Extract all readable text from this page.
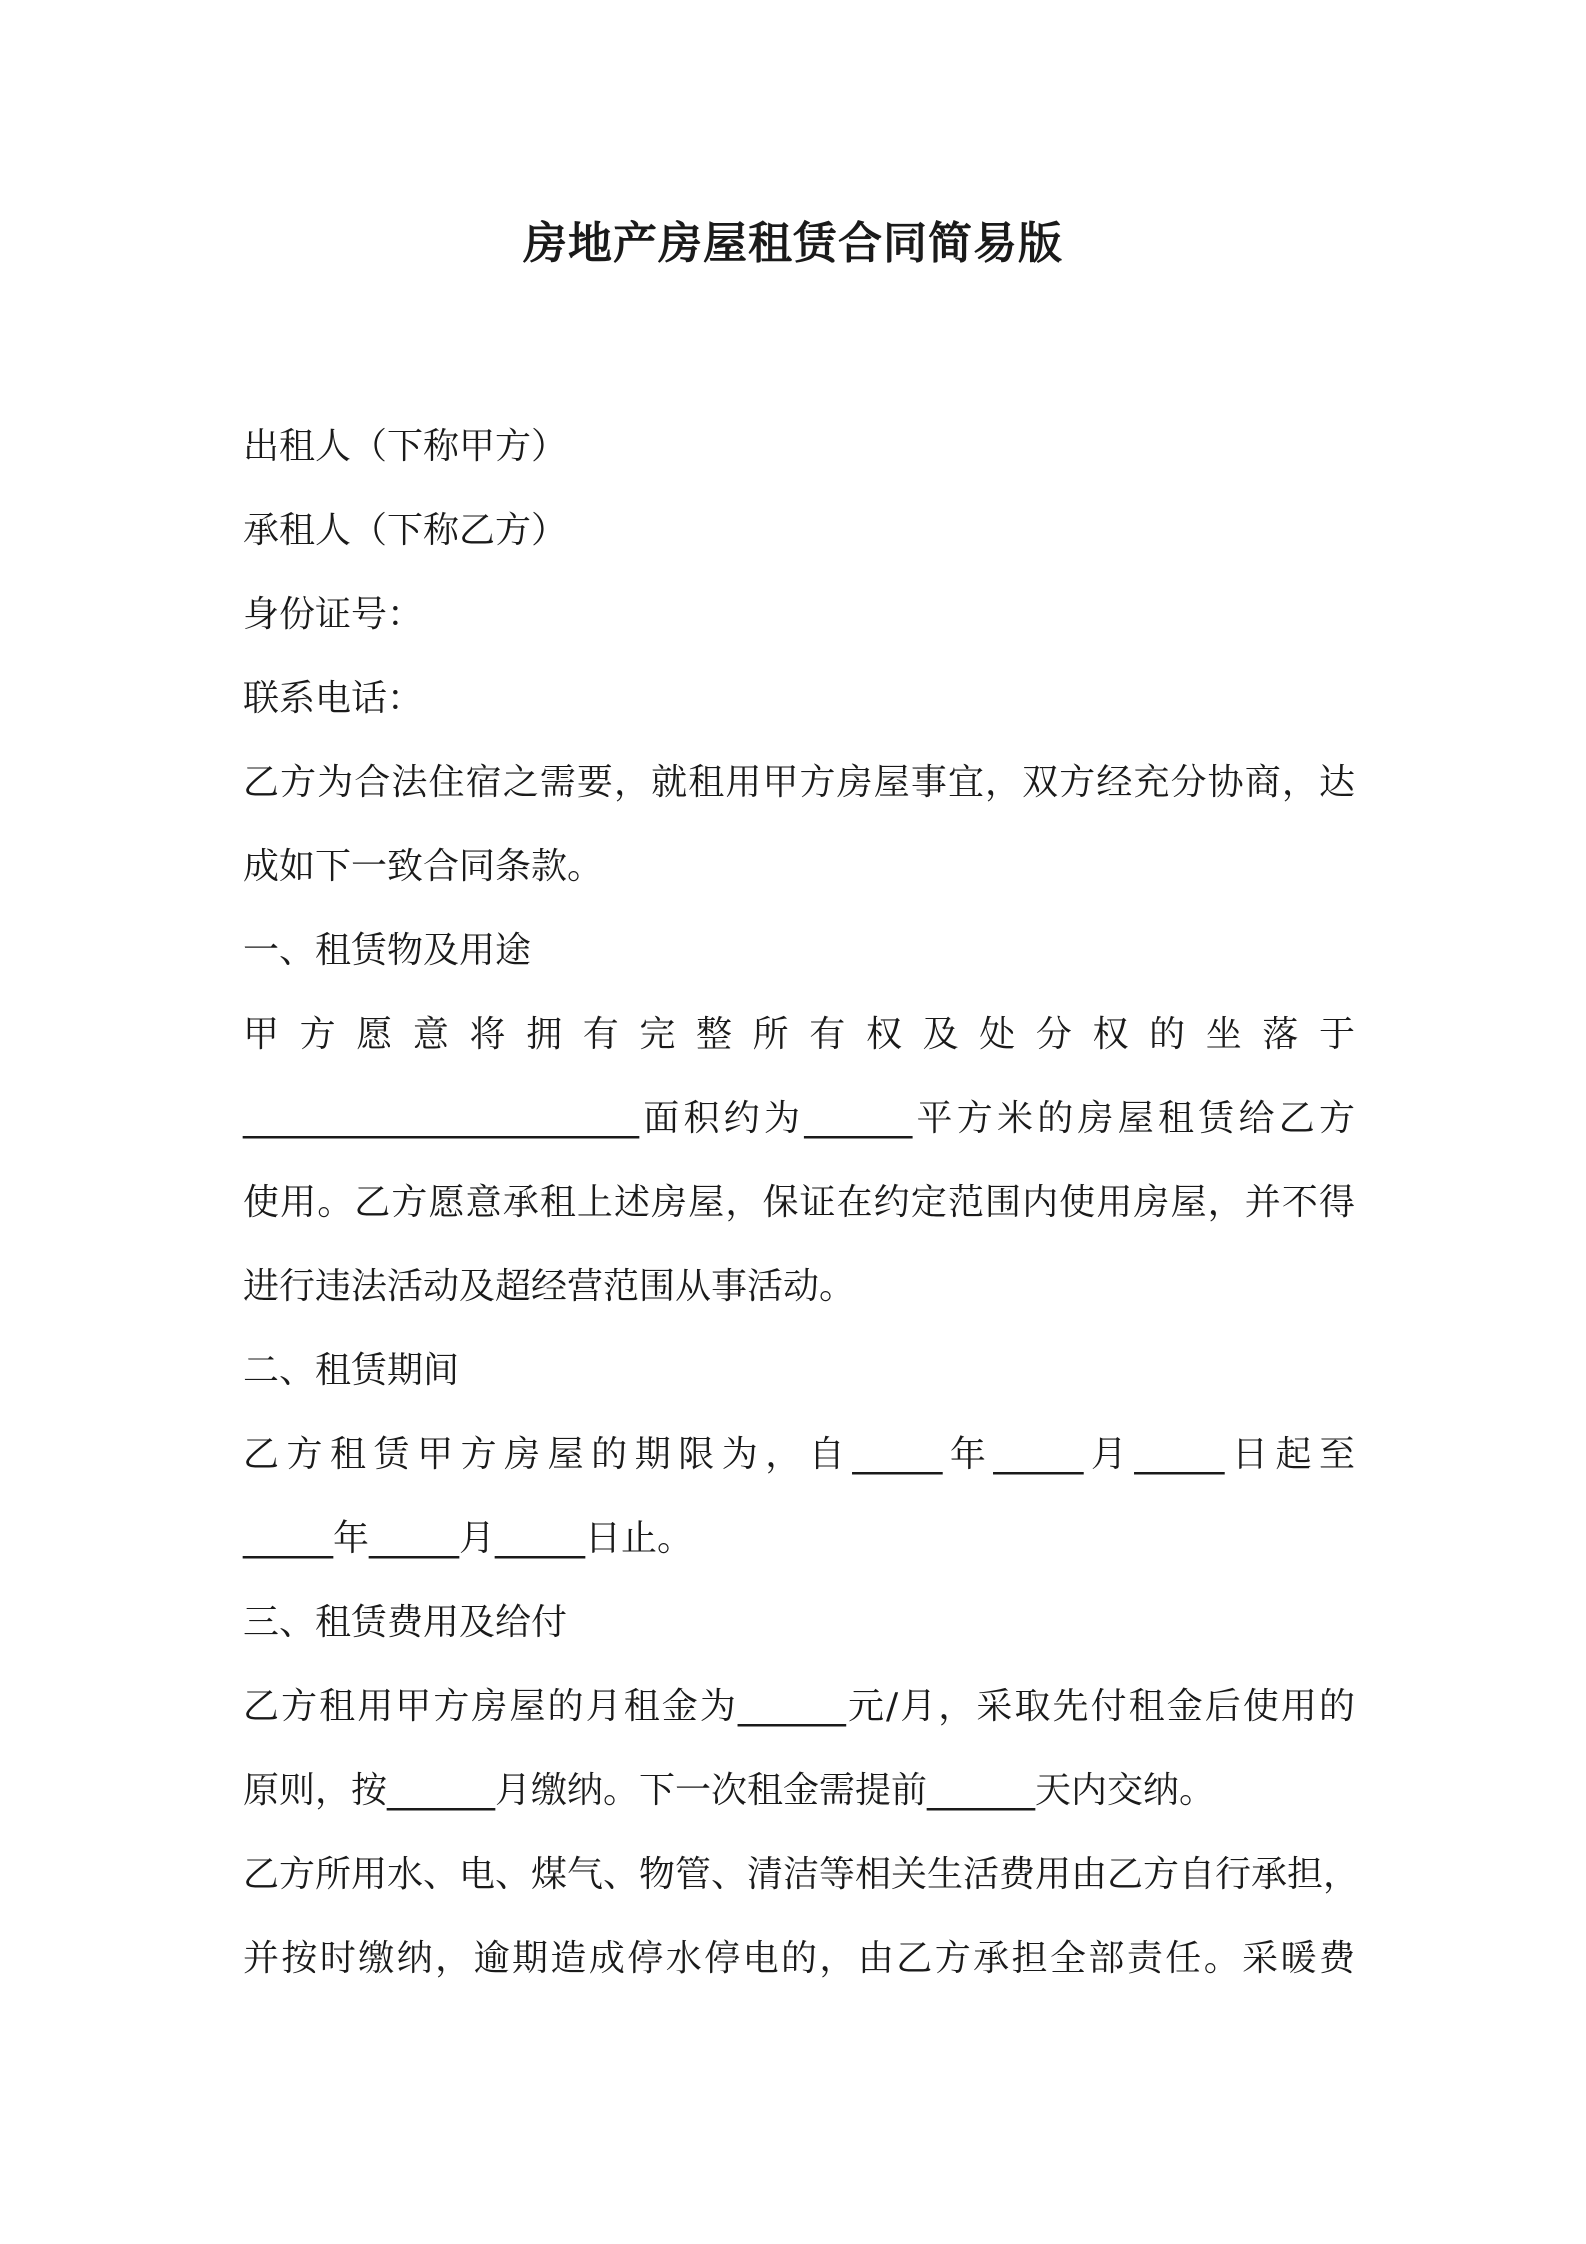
房地产房屋租赁合同简易版

出租人（下称甲方）

承租人（下称乙方）

身份证号：

联系电话：

乙方为合法住宿之需要，就租用甲方房屋事宜，双方经充分协商，达

成如下一致合同条款。

一、租赁物及用途

甲 方 愿 意 将 拥 有 完 整 所 有 权 及 处 分 权 的 坐 落 于

______________________面积约为______平方米的房屋租赁给乙方

使用。乙方愿意承租上述房屋，保证在约定范围内使用房屋，并不得

进行违法活动及超经营范围从事活动。

二、租赁期间

乙方租赁甲方房屋的期限为，自_____年_____月_____日起至

_____年_____月_____日止。

三、租赁费用及给付

乙方租用甲方房屋的月租金为______元/月，采取先付租金后使用的

原则，按______月缴纳。下一次租金需提前______天内交纳。

乙方所用水、电、煤气、物管、清洁等相关生活费用由乙方自行承担，

并按时缴纳，逾期造成停水停电的，由乙方承担全部责任。采暖费
